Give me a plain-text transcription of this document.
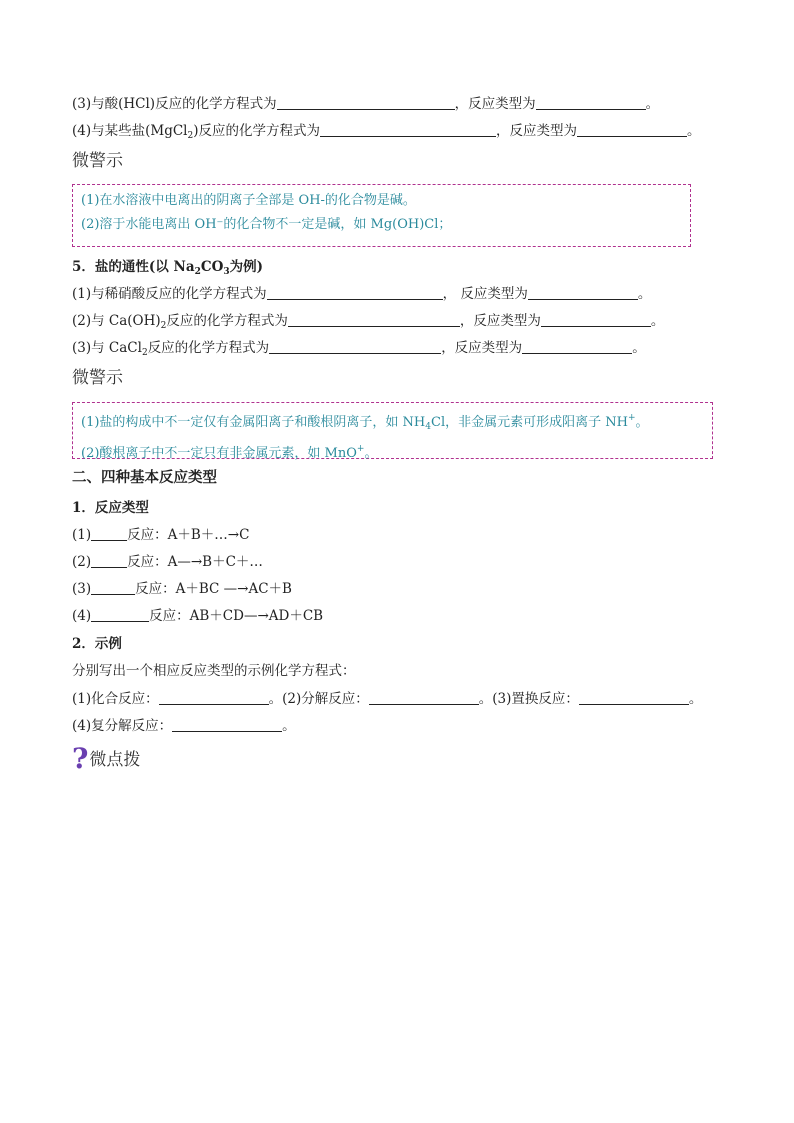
(3)与酸(HCl)反应的化学方程式为	，反应类型为	。
(4)与某些盐(MgCl$_2$)反应的化学方程式为	，反应类型为	。
微警示
(1)在水溶液中电离出的阴离子全部是 OH-的化合物是碱。
(2)溶于水能电离出 OH⁻的化合物不一定是碱，如 Mg(OH)Cl；
5．盐的通性(以 $Na_2CO_3$为例)
(1)与稀硝酸反应的化学方程式为	， 反应类型为	。
(2)与 $Ca(OH)_2$反应的化学方程式为	，反应类型为	。
(3)与 CaCl$_2$反应的化学方程式为	，反应类型为	。
微警示
(1)盐的构成中不一定仅有金属阳离子和酸根阴离子，如 $NH_4Cl$，非金属元素可形成阳离子 NH+。
(2)酸根离子中不一定只有非金属元素，如 MnO+。
二、四种基本反应类型
1．反应类型
(1)	反应：A＋B＋…→C
(2)	反应：A—→B＋C＋…
(3)	反应：A＋BC —→AC＋B
(4)	反应：AB＋CD—→AD＋CB
2．示例
分别写出一个相应反应类型的示例化学方程式：
(1)化合反应：	。(2)分解反应：	。(3)置换反应：	。
(4)复分解反应：	。
?微点拨
